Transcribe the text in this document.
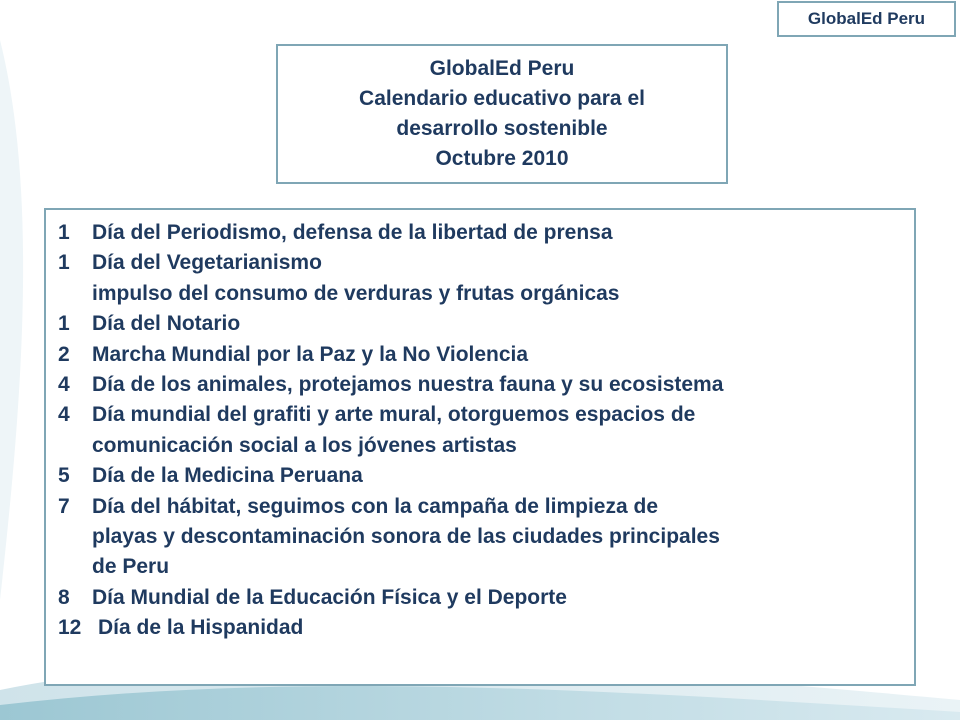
GlobalEd Peru
GlobalEd Peru
Calendario educativo para el
desarrollo sostenible
Octubre 2010
1	Día del Periodismo, defensa de la libertad de prensa
1	Día del Vegetarianismo
impulso del consumo de verduras y frutas orgánicas
1	Día del Notario
2	Marcha Mundial por la Paz y la No Violencia
4	Día de los animales, protejamos nuestra fauna y su ecosistema
4	Día mundial del grafiti y arte mural, otorguemos espacios de
comunicación social a los jóvenes artistas
5	Día de la Medicina Peruana
7	Día del hábitat, seguimos con la campaña de limpieza de
playas y descontaminación sonora de las ciudades principales
de Peru
8	Día Mundial de la Educación Física y el Deporte
12 Día de la Hispanidad
